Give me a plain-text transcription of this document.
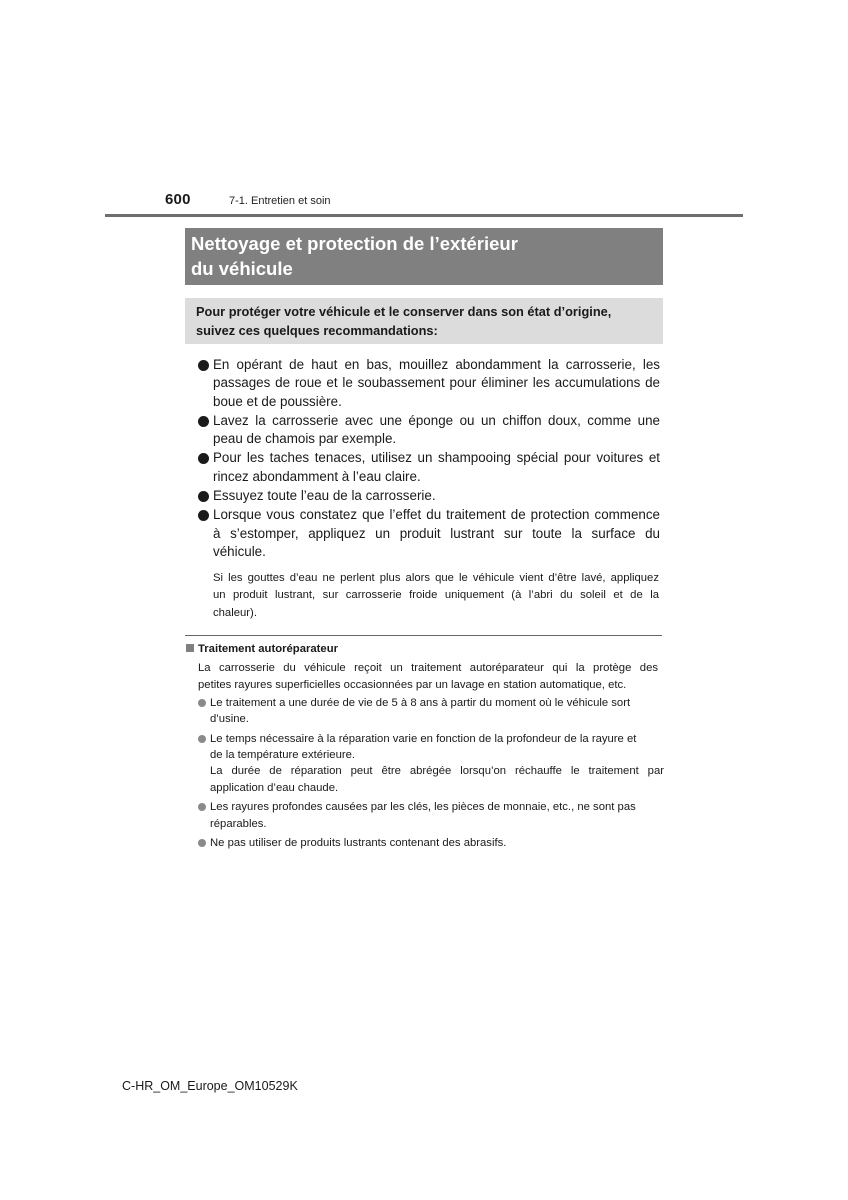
600	7-1. Entretien et soin
Nettoyage et protection de l’extérieur
du véhicule
Pour protéger votre véhicule et le conserver dans son état d’origine,
suivez ces quelques recommandations:
En opérant de haut en bas, mouillez abondamment la carrosserie, les
passages de roue et le soubassement pour éliminer les accumulations de
boue et de poussière.
Lavez la carrosserie avec une éponge ou un chiffon doux, comme une
peau de chamois par exemple.
Pour les taches tenaces, utilisez un shampooing spécial pour voitures et
rincez abondamment à l’eau claire.
Essuyez toute l’eau de la carrosserie.
Lorsque vous constatez que l’effet du traitement de protection commence
à s’estomper, appliquez un produit lustrant sur toute la surface du
véhicule.
Si les gouttes d’eau ne perlent plus alors que le véhicule vient d’être lavé, appliquez
un produit lustrant, sur carrosserie froide uniquement (à l’abri du soleil et de la
chaleur).
Traitement autoréparateur
La carrosserie du véhicule reçoit un traitement autoréparateur qui la protège des
petites rayures superficielles occasionnées par un lavage en station automatique, etc.
Le traitement a une durée de vie de 5 à 8 ans à partir du moment où le véhicule sort
d’usine.
Le temps nécessaire à la réparation varie en fonction de la profondeur de la rayure et
de la température extérieure.
La durée de réparation peut être abrégée lorsqu’on réchauffe le traitement par
application d’eau chaude.
Les rayures profondes causées par les clés, les pièces de monnaie, etc., ne sont pas
réparables.
Ne pas utiliser de produits lustrants contenant des abrasifs.
C-HR_OM_Europe_OM10529K
